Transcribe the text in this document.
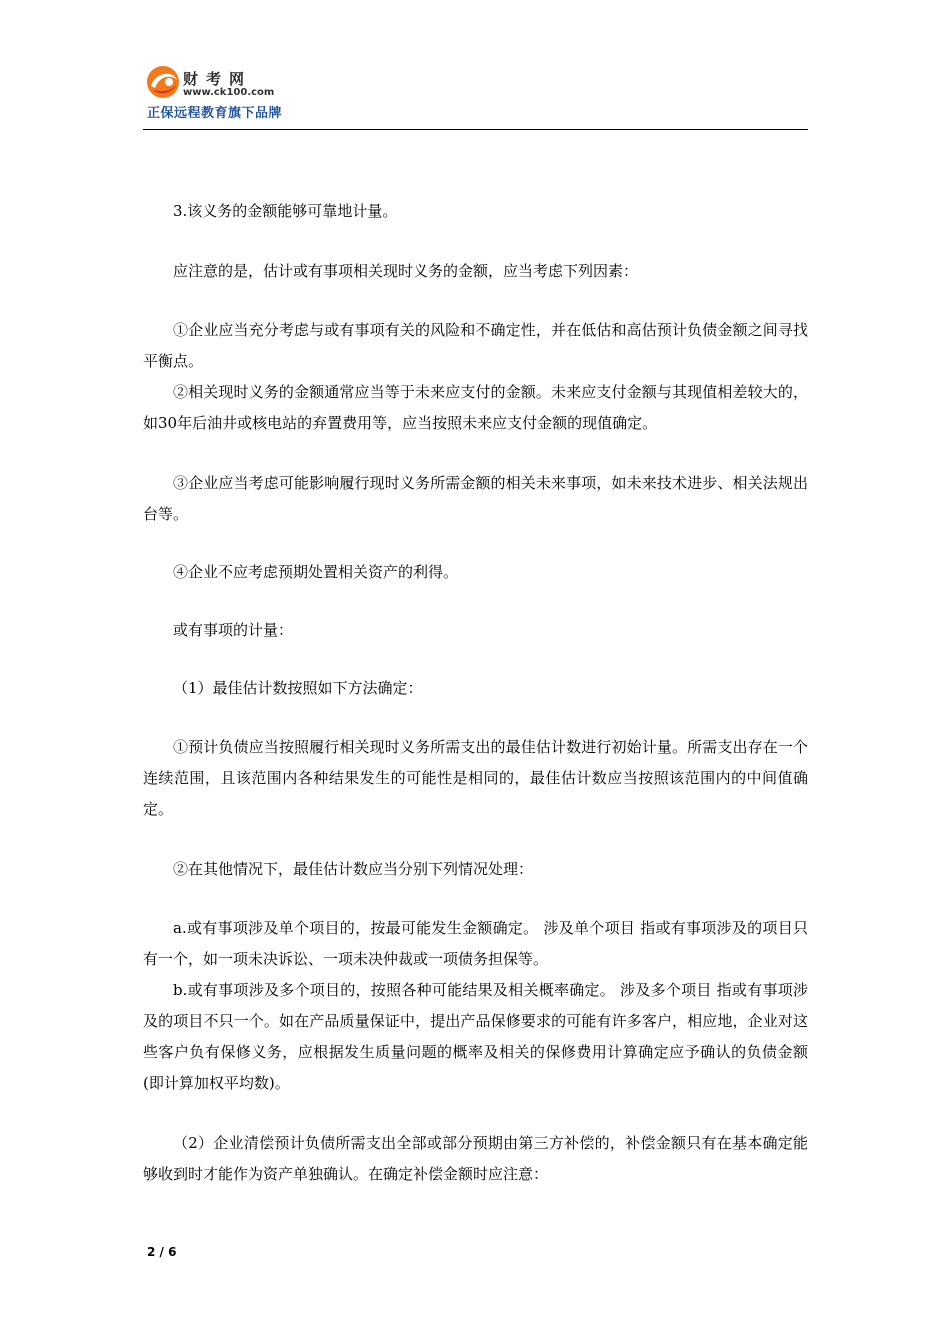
财考网
www.ck100.com
正保远程教育旗下品牌

3.该义务的金额能够可靠地计量。

应注意的是，估计或有事项相关现时义务的金额，应当考虑下列因素：

①企业应当充分考虑与或有事项有关的风险和不确定性，并在低估和高估预计负债金额之间寻找平衡点。

②相关现时义务的金额通常应当等于未来应支付的金额。未来应支付金额与其现值相差较大的，如30年后油井或核电站的弃置费用等，应当按照未来应支付金额的现值确定。

③企业应当考虑可能影响履行现时义务所需金额的相关未来事项，如未来技术进步、相关法规出台等。

④企业不应考虑预期处置相关资产的利得。

或有事项的计量：

（1）最佳估计数按照如下方法确定：

①预计负债应当按照履行相关现时义务所需支出的最佳估计数进行初始计量。所需支出存在一个连续范围，且该范围内各种结果发生的可能性是相同的，最佳估计数应当按照该范围内的中间值确定。

②在其他情况下，最佳估计数应当分别下列情况处理：

a.或有事项涉及单个项目的，按最可能发生金额确定。 涉及单个项目 指或有事项涉及的项目只有一个，如一项未决诉讼、一项未决仲裁或一项债务担保等。

b.或有事项涉及多个项目的，按照各种可能结果及相关概率确定。 涉及多个项目 指或有事项涉及的项目不只一个。如在产品质量保证中，提出产品保修要求的可能有许多客户，相应地，企业对这些客户负有保修义务，应根据发生质量问题的概率及相关的保修费用计算确定应予确认的负债金额(即计算加权平均数)。

（2）企业清偿预计负债所需支出全部或部分预期由第三方补偿的，补偿金额只有在基本确定能够收到时才能作为资产单独确认。在确定补偿金额时应注意：

2 / 6
